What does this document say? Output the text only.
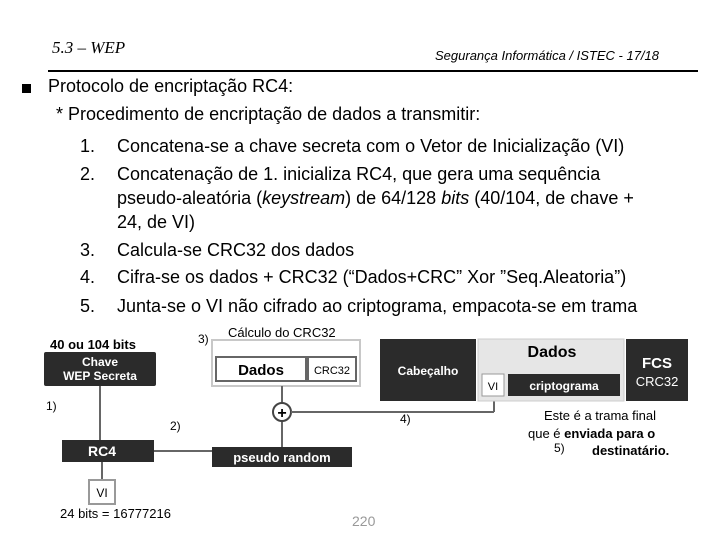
5.3 – WEP	Segurança Informática / ISTEC - 17/18
Protocolo de encriptação RC4:
* Procedimento de encriptação de dados a transmitir:
1. Concatena-se a chave secreta com o Vetor de Inicialização (VI)
2. Concatenação de 1. inicializa RC4, que gera uma sequência
pseudo-aleatória (keystream) de 64/128 bits (40/104, de chave +
24, de VI)
3. Calcula-se CRC32 dos dados
4. Cifra-se os dados + CRC32 (“Dados+CRC” Xor ”Seq.Aleatoria”)
5. Junta-se o VI não cifrado ao criptograma, empacota-se em trama
40 ou 104 bits
Chave
WEP Secreta
1)
RC4
VI
24 bits = 16777216
2)
pseudo random
3) Cálculo do CRC32
Dados	CRC32
+	4)
Cabeçalho
Dados
VI	criptograma
FCS
CRC32
Este é a trama final
que é enviada para o
destinatário.
5)
220
